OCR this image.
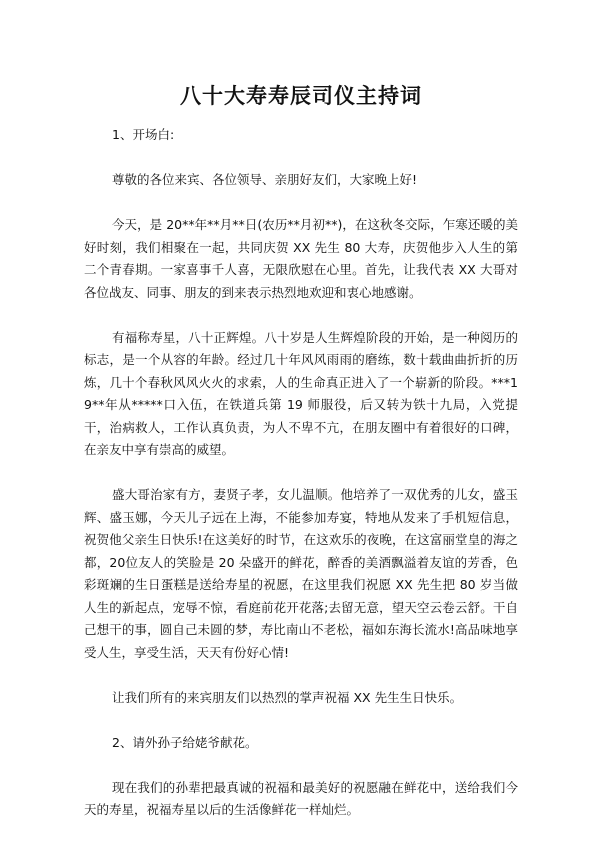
八十大寿寿辰司仪主持词

1、开场白:

尊敬的各位来宾、各位领导、亲朋好友们，大家晚上好!

今天，是 20**年**月**日(农历**月初**)，在这秋冬交际，乍寒还暖的美好时刻，我们相聚在一起，共同庆贺 XX 先生 80 大寿，庆贺他步入人生的第二个青春期。一家喜事千人喜，无限欣慰在心里。首先，让我代表 XX 大哥对各位战友、同事、朋友的到来表示热烈地欢迎和衷心地感谢。

有福称寿星，八十正辉煌。八十岁是人生辉煌阶段的开始，是一种阅历的标志，是一个从容的年龄。经过几十年风风雨雨的磨练，数十载曲曲折折的历炼，几十个春秋风风火火的求索，人的生命真正进入了一个崭新的阶段。***19**年从*****口入伍，在铁道兵第 19 师服役，后又转为铁十九局，入党提干，治病救人，工作认真负责，为人不卑不亢，在朋友圈中有着很好的口碑，在亲友中享有崇高的威望。

盛大哥治家有方，妻贤子孝，女儿温顺。他培养了一双优秀的儿女，盛玉辉、盛玉娜，今天儿子远在上海，不能参加寿宴，特地从发来了手机短信息，祝贺他父亲生日快乐!在这美好的时节，在这欢乐的夜晚，在这富丽堂皇的海之都，20位友人的笑脸是 20 朵盛开的鲜花，醉香的美酒飘溢着友谊的芳香，色彩斑斓的生日蛋糕是送给寿星的祝愿，在这里我们祝愿 XX 先生把 80 岁当做人生的新起点，宠辱不惊，看庭前花开花落;去留无意，望天空云卷云舒。干自己想干的事，圆自己未圆的梦，寿比南山不老松，福如东海长流水!高品味地享受人生，享受生活，天天有份好心情!

让我们所有的来宾朋友们以热烈的掌声祝福 XX 先生生日快乐。

2、请外孙子给姥爷献花。

现在我们的孙辈把最真诚的祝福和最美好的祝愿融在鲜花中，送给我们今天的寿星，祝福寿星以后的生活像鲜花一样灿烂。
